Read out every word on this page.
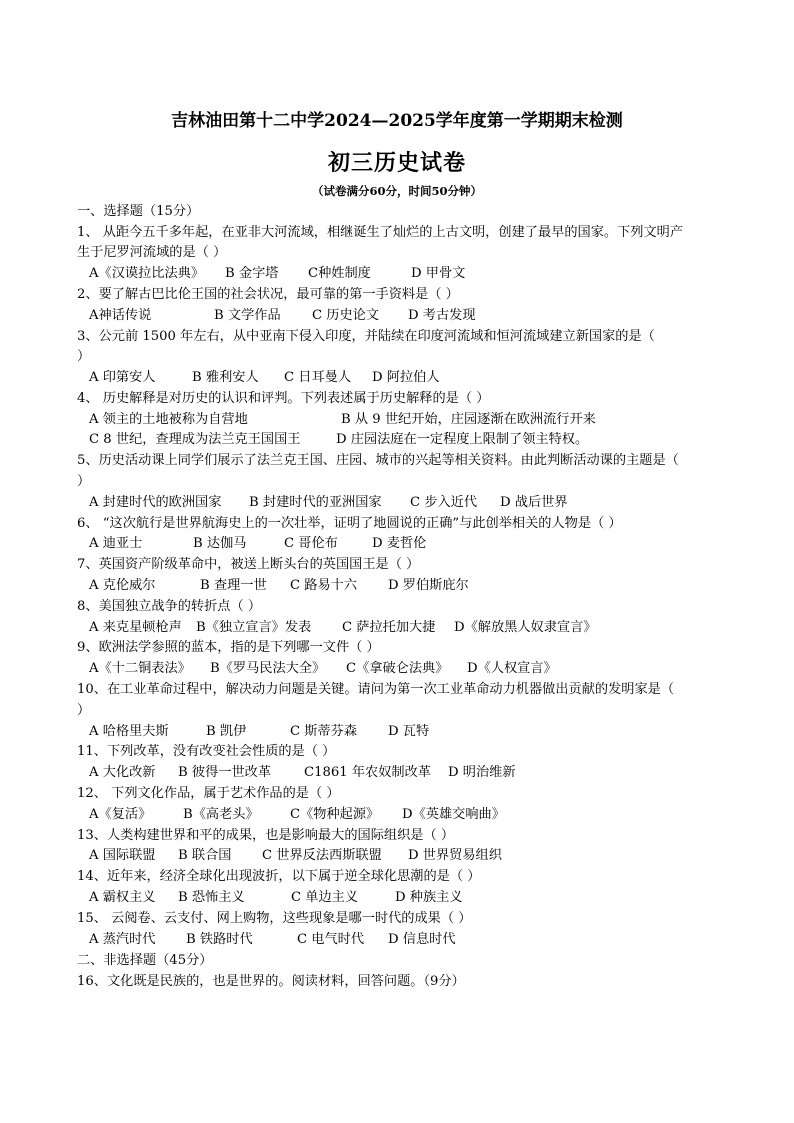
吉林油田第十二中学2024—2025学年度第一学期期末检测
初三历史试卷
（试卷满分60分，时间50分钟）
一、选择题（15分）
1、 从距今五千多年起，在亚非大河流域，相继诞生了灿烂的上古文明，创建了最早的国家。下列文明产
生于尼罗河流域的是（ ）
A《汉谟拉比法典》 B 金字塔 C种姓制度	D 甲骨文
2、要了解古巴比伦王国的社会状况，最可靠的第一手资料是（ ）
A神话传说	B 文学作品 C 历史论文 D 考古发现
3、公元前 1500 年左右，从中亚南下侵入印度，并陆续在印度河流域和恒河流域建立新国家的是（
）
A 印第安人	B 雅利安人 C 日耳曼人 D 阿拉伯人
4、 历史解释是对历史的认识和评判。下列表述属于历史解释的是（ ）
A 领主的土地被称为自营地	B 从 9 世纪开始，庄园逐渐在欧洲流行开来
C 8 世纪，查理成为法兰克王国国王	D 庄园法庭在一定程度上限制了领主特权。
5、历史活动课上同学们展示了法兰克王国、庄园、城市的兴起等相关资料。由此判断活动课的主题是（
）
A 封建时代的欧洲国家 B 封建时代的亚洲国家 C 步入近代 D 战后世界
6、 “这次航行是世界航海史上的一次壮举，证明了地圆说的正确”与此创举相关的人物是（ ）
A 迪亚士	B 达伽马	C 哥伦布	D 麦哲伦
7、英国资产阶级革命中，被送上断头台的英国国王是（ ）
A 克伦威尔	B 查理一世 C 路易十六 D 罗伯斯庇尔
8、美国独立战争的转折点（ ）
A 来克星顿枪声 B《独立宣言》发表 C 萨拉托加大捷 D《解放黑人奴隶宣言》
9、欧洲法学参照的蓝本，指的是下列哪一文件（ ）
A《十二铜表法》 B《罗马民法大全》 C《拿破仑法典》 D《人权宣言》
10、在工业革命过程中，解决动力问题是关键。请问为第一次工业革命动力机器做出贡献的发明家是（
）
A 哈格里夫斯	B 凯伊	C 斯蒂芬森 D 瓦特
11、下列改革，没有改变社会性质的是（ ）
A 大化改新 B 彼得一世改革 C1861 年农奴制改革 D 明治维新
12、 下列文化作品，属于艺术作品的是（ ）
A《复活》 B《高老头》 C《物种起源》 D《英雄交响曲》
13、人类构建世界和平的成果，也是影响最大的国际组织是（ ）
A 国际联盟 B 联合国 C 世界反法西斯联盟 D 世界贸易组织
14、近年来，经济全球化出现波折，以下属于逆全球化思潮的是（ ）
A 霸权主义 B 恐怖主义	C 单边主义	D 种族主义
15、 云阅卷、云支付、网上购物，这些现象是哪一时代的成果（ ）
A 蒸汽时代 B 铁路时代	C 电气时代 D 信息时代
二、非选择题（45分）
16、文化既是民族的，也是世界的。阅读材料，回答问题。（9分）
